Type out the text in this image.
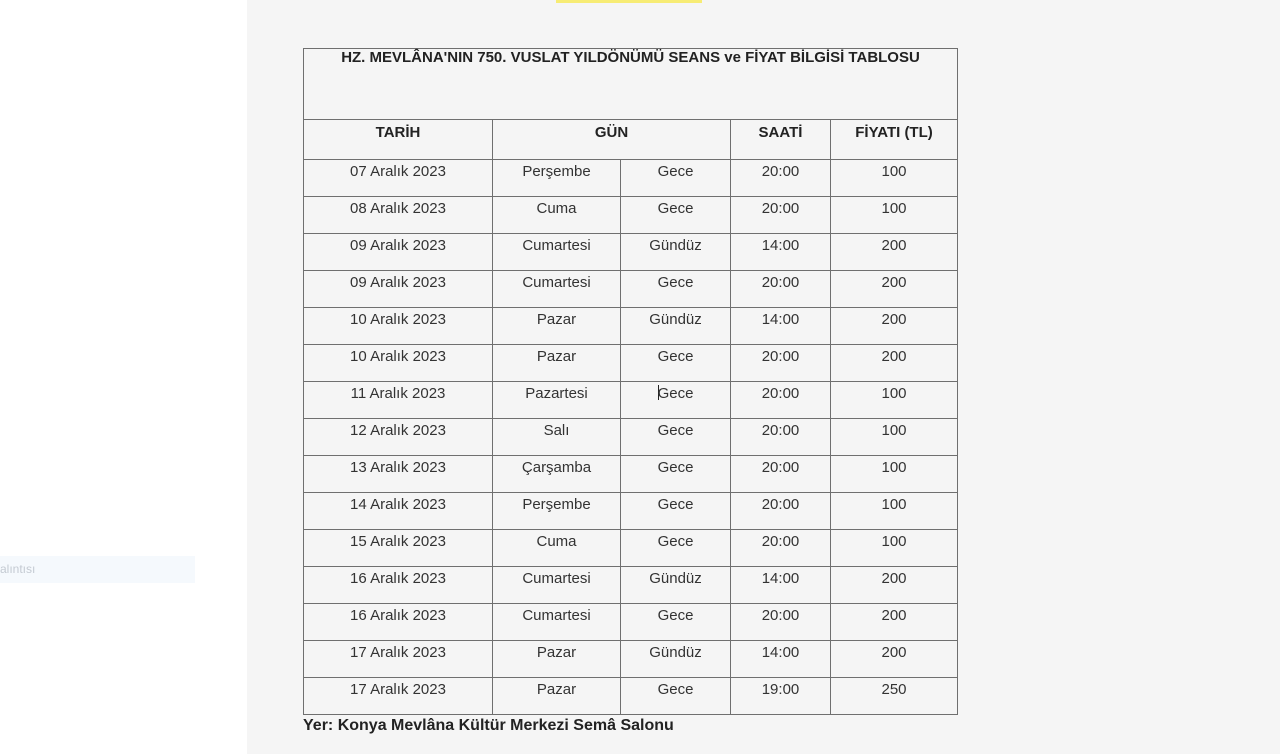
alıntısı
HZ. MEVLÂNA'NIN 750. VUSLAT YILDÖNÜMÜ SEANS ve FİYAT BİLGİSİ TABLOSU				
TARİH	GÜN		SAATİ	FİYATI (TL)
07 Aralık 2023	Perşembe	Gece	20:00	100
08 Aralık 2023	Cuma	Gece	20:00	100
09 Aralık 2023	Cumartesi	Gündüz	14:00	200
09 Aralık 2023	Cumartesi	Gece	20:00	200
10 Aralık 2023	Pazar	Gündüz	14:00	200
10 Aralık 2023	Pazar	Gece	20:00	200
11 Aralık 2023	Pazartesi	Gece	20:00	100
12 Aralık 2023	Salı	Gece	20:00	100
13 Aralık 2023	Çarşamba	Gece	20:00	100
14 Aralık 2023	Perşembe	Gece	20:00	100
15 Aralık 2023	Cuma	Gece	20:00	100
16 Aralık 2023	Cumartesi	Gündüz	14:00	200
16 Aralık 2023	Cumartesi	Gece	20:00	200
17 Aralık 2023	Pazar	Gündüz	14:00	200
17 Aralık 2023	Pazar	Gece	19:00	250
Yer: Konya Mevlâna Kültür Merkezi Semâ Salonu
